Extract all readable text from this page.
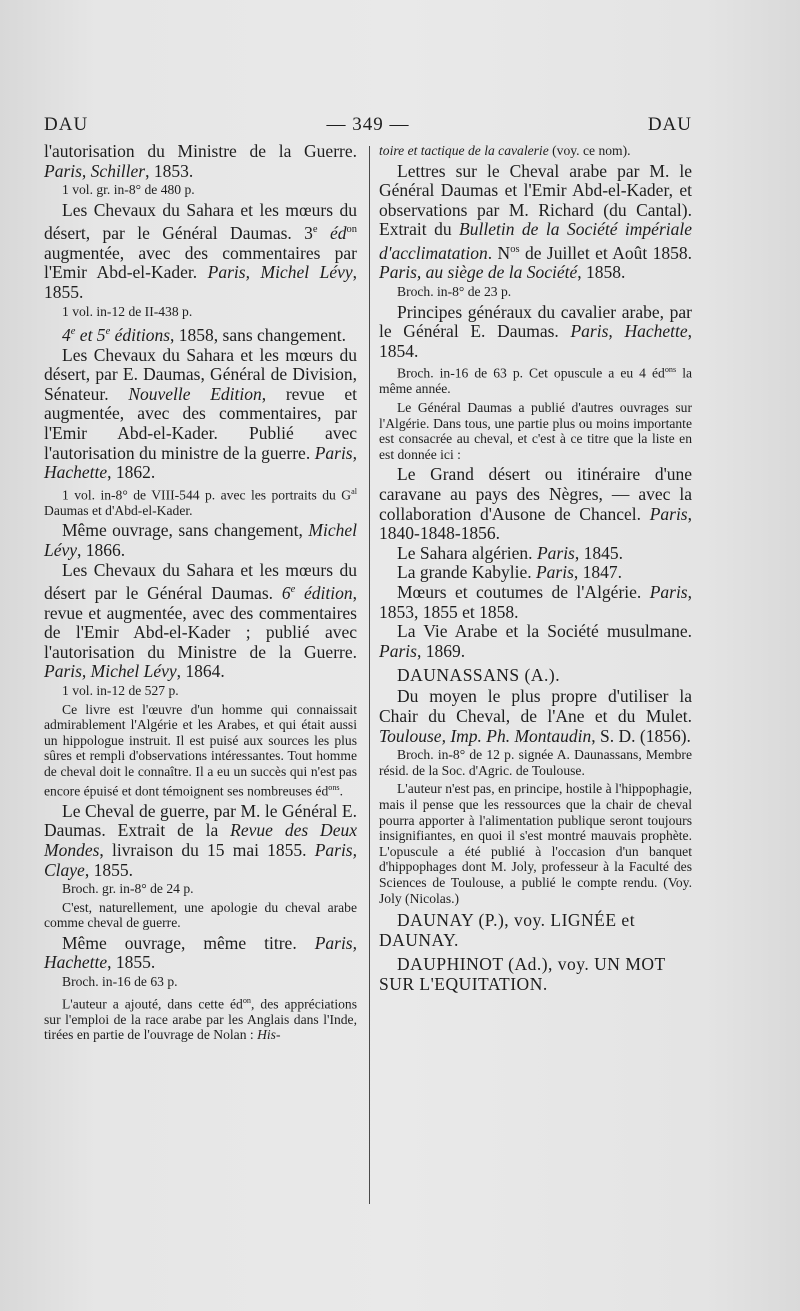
DAU	— 349 —	DAU

l'autorisation du Ministre de la Guerre. Paris, Schiller, 1853.

1 vol. gr. in-8° de 480 p.

Les Chevaux du Sahara et les mœurs du désert, par le Général Daumas. 3e $éd^{on}$ augmentée, avec des commentaires par l'Emir Abd-el-Kader. Paris, Michel Lévy, 1855.

1 vol. in-12 de II-438 p.

4e et 5e éditions, 1858, sans changement.

Les Chevaux du Sahara et les mœurs du désert, par E. Daumas, Général de Division, Sénateur. Nouvelle Edition, revue et augmentée, avec des commentaires, par l'Emir Abd-el-Kader. Publié avec l'autorisation du ministre de la guerre. Paris, Hachette, 1862.

1 vol. in-8° de VIII-544 p. avec les portraits du $G^{al}$ Daumas et d'Abd-el-Kader.

Même ouvrage, sans changement, Michel Lévy, 1866.

Les Chevaux du Sahara et les mœurs du désert par le Général Daumas. 6e édition, revue et augmentée, avec des commentaires de l'Emir Abd-el-Kader ; publié avec l'autorisation du Ministre de la Guerre. Paris, Michel Lévy, 1864.

1 vol. in-12 de 527 p.

Ce livre est l'œuvre d'un homme qui connaissait admirablement l'Algérie et les Arabes, et qui était aussi un hippologue instruit. Il est puisé aux sources les plus sûres et rempli d'observations intéressantes. Tout homme de cheval doit le connaître. Il a eu un succès qui n'est pas encore épuisé et dont témoignent ses nombreuses $éd^{ons}$.

Le Cheval de guerre, par M. le Général E. Daumas. Extrait de la Revue des Deux Mondes, livraison du 15 mai 1855. Paris, Claye, 1855.

Broch. gr. in-8° de 24 p.

C'est, naturellement, une apologie du cheval arabe comme cheval de guerre.

Même ouvrage, même titre. Paris, Hachette, 1855.

Broch. in-16 de 63 p.

L'auteur a ajouté, dans cette $éd^{on}$, des appréciations sur l'emploi de la race arabe par les Anglais dans l'Inde, tirées en partie de l'ouvrage de Nolan : His-

toire et tactique de la cavalerie (voy. ce nom).

Lettres sur le Cheval arabe par M. le Général Daumas et l'Emir Abd-el-Kader, et observations par M. Richard (du Cantal). Extrait du Bulletin de la Société impériale d'acclimatation. $N^{os}$ de Juillet et Août 1858. Paris, au siège de la Société, 1858.

Broch. in-8° de 23 p.

Principes généraux du cavalier arabe, par le Général E. Daumas. Paris, Hachette, 1854.

Broch. in-16 de 63 p. Cet opuscule a eu 4 $éd^{ons}$ la même année.

Le Général Daumas a publié d'autres ouvrages sur l'Algérie. Dans tous, une partie plus ou moins importante est consacrée au cheval, et c'est à ce titre que la liste en est donnée ici :

Le Grand désert ou itinéraire d'une caravane au pays des Nègres, — avec la collaboration d'Ausone de Chancel. Paris, 1840-1848-1856.

Le Sahara algérien. Paris, 1845.

La grande Kabylie. Paris, 1847.

Mœurs et coutumes de l'Algérie. Paris, 1853, 1855 et 1858.

La Vie Arabe et la Société musulmane. Paris, 1869.

DAUNASSANS (A.).

Du moyen le plus propre d'utiliser la Chair du Cheval, de l'Ane et du Mulet. Toulouse, Imp. Ph. Montaudin, S. D. (1856).

Broch. in-8° de 12 p. signée A. Daunassans, Membre résid. de la Soc. d'Agric. de Toulouse.

L'auteur n'est pas, en principe, hostile à l'hippophagie, mais il pense que les ressources que la chair de cheval pourra apporter à l'alimentation publique seront toujours insignifiantes, en quoi il s'est montré mauvais prophète. L'opuscule a été publié à l'occasion d'un banquet d'hippophages dont M. Joly, professeur à la Faculté des Sciences de Toulouse, a publié le compte rendu. (Voy. Joly (Nicolas.)

DAUNAY (P.), voy. LIGNÉE et DAUNAY.

DAUPHINOT (Ad.), voy. UN MOT SUR L'EQUITATION.
